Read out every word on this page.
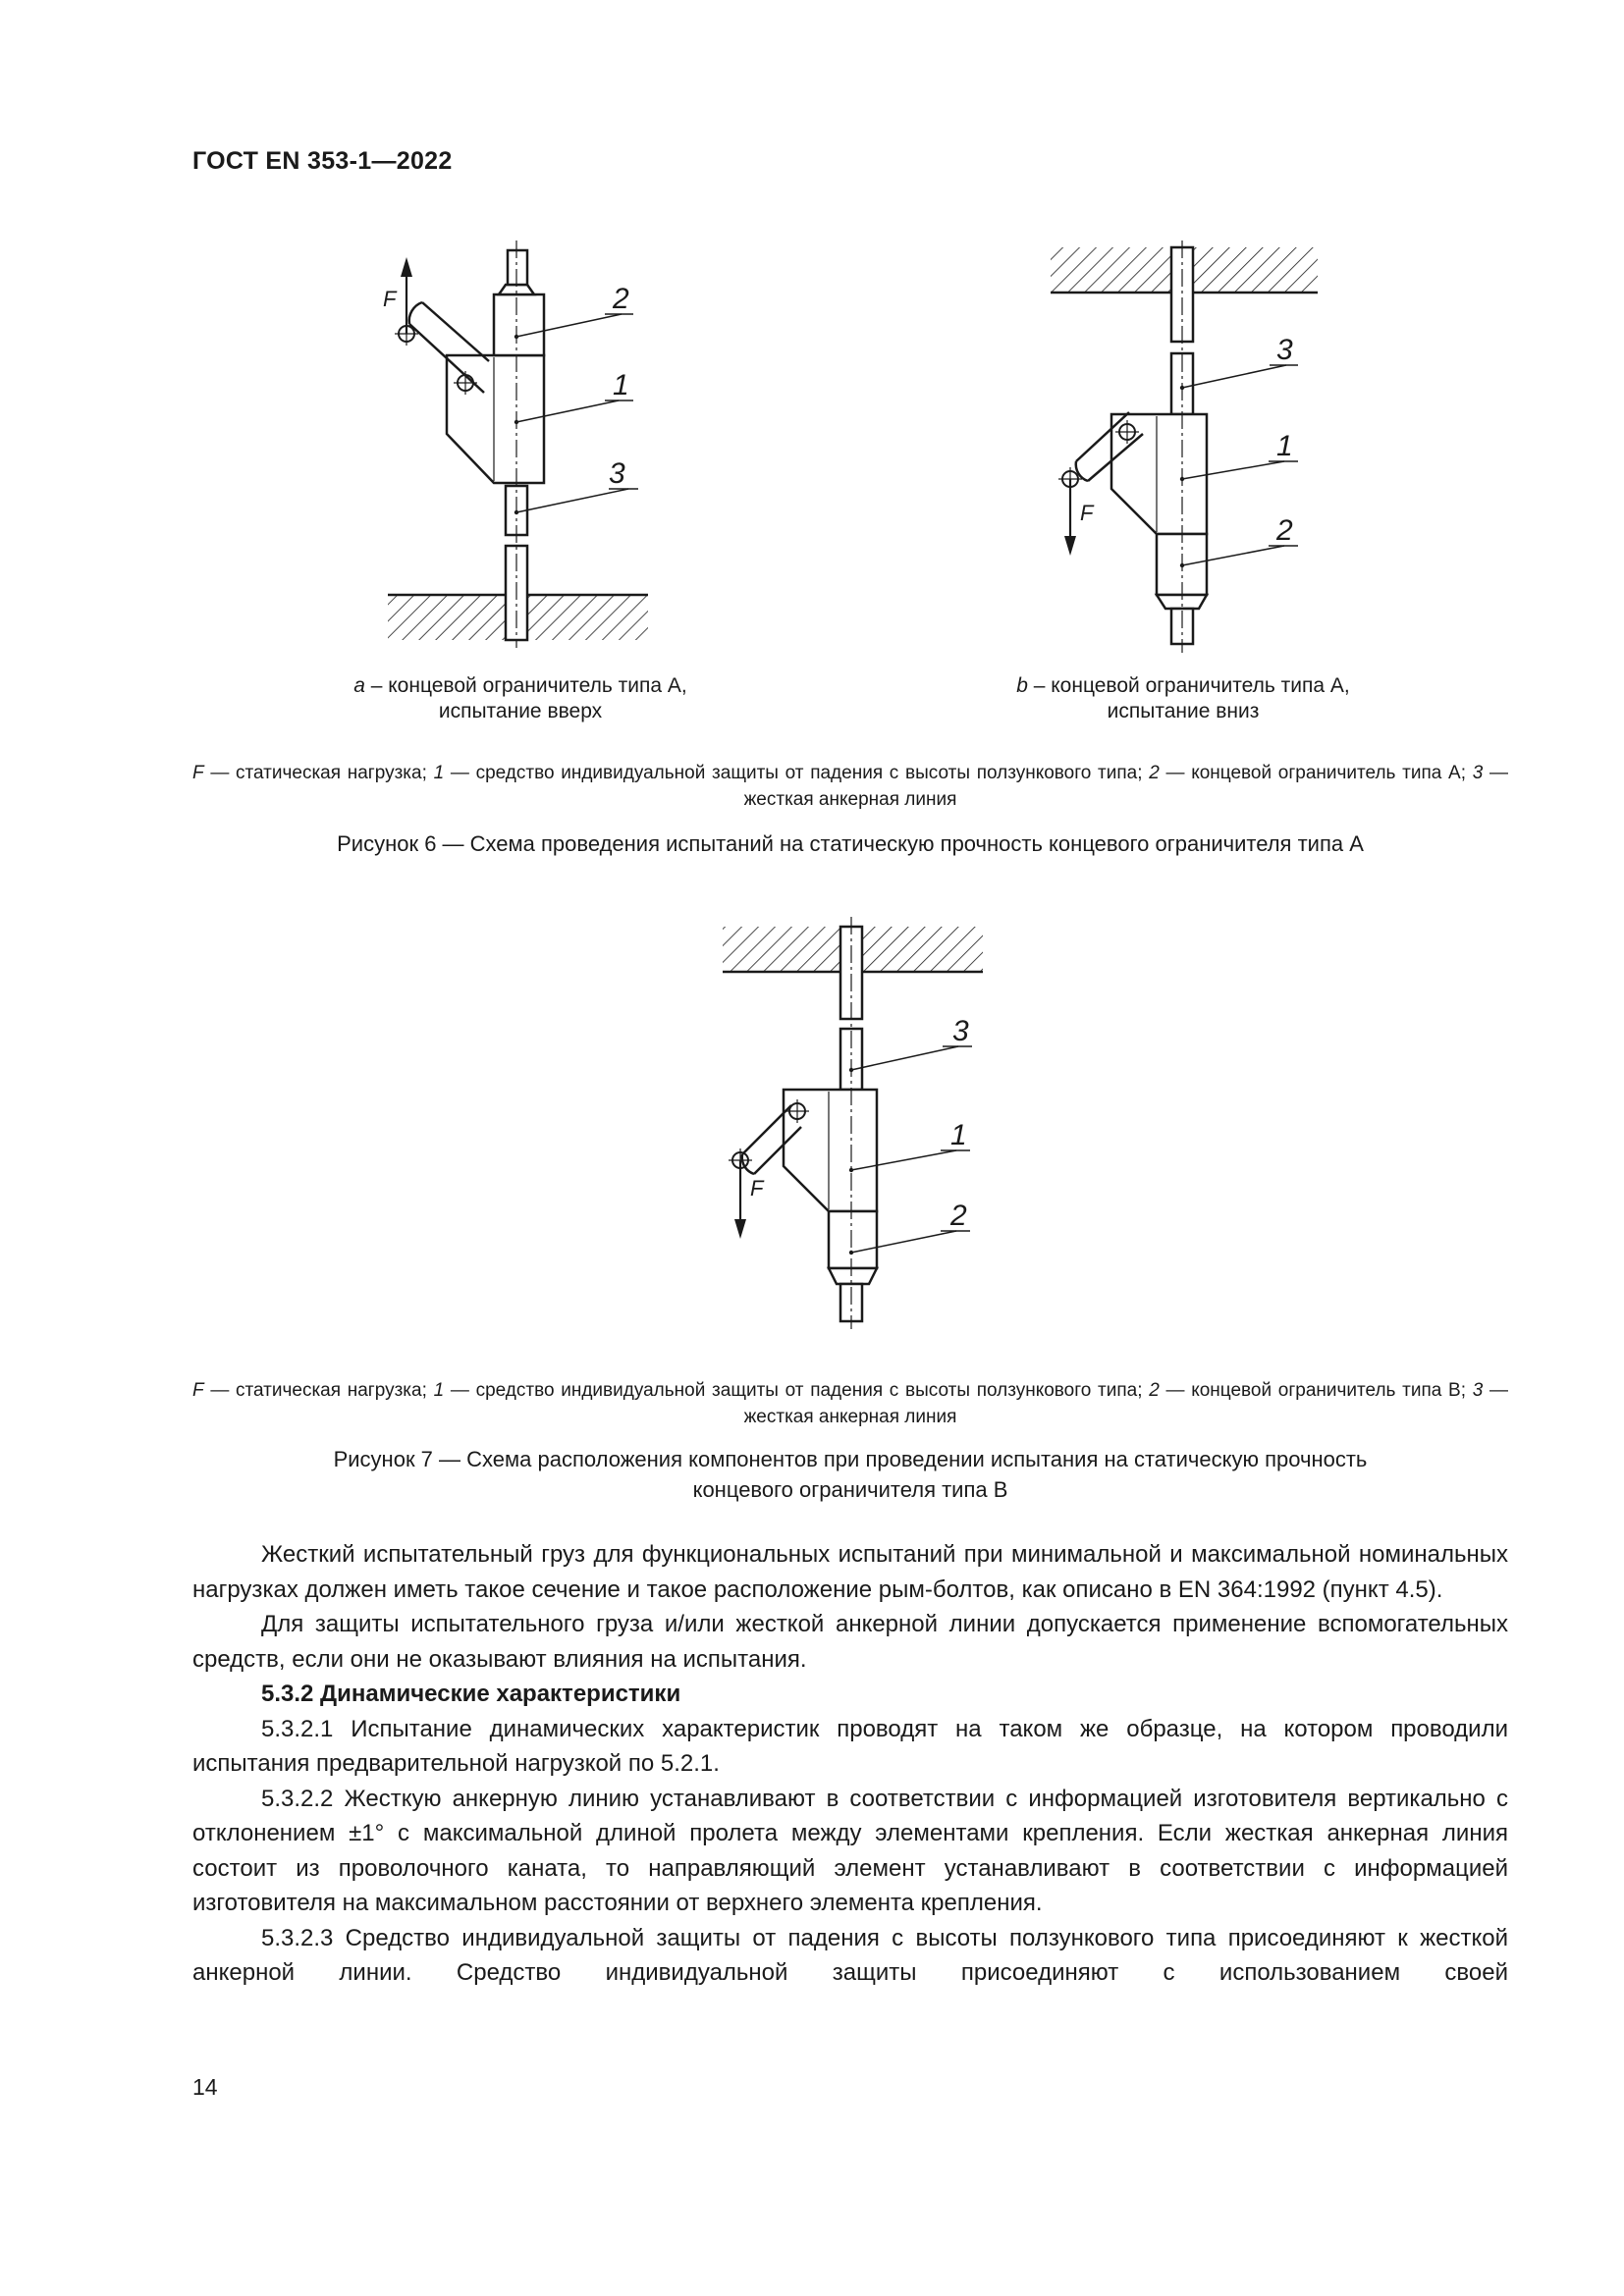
ГОСТ EN 353-1—2022
F	2
1
3
F
3
1
2
a – концевой ограничитель типа А,
испытание вверх
b – концевой ограничитель типа А,
испытание вниз
F — статическая нагрузка; 1 — средство индивидуальной защиты от падения с высоты ползункового типа; 2 — концевой ограничитель типа А; 3 — жесткая анкерная линия
Рисунок 6 — Схема проведения испытаний на статическую прочность концевого ограничителя типа А
F
3
1
2
F — статическая нагрузка; 1 — средство индивидуальной защиты от падения с высоты ползункового типа; 2 — концевой ограничитель типа В; 3 — жесткая анкерная линия
Рисунок 7 — Схема расположения компонентов при проведении испытания на статическую прочность
концевого ограничителя типа В

Жесткий испытательный груз для функциональных испытаний при минимальной и максимальной номинальных нагрузках должен иметь такое сечение и такое расположение рым-болтов, как описано в EN 364:1992 (пункт 4.5).

Для защиты испытательного груза и/или жесткой анкерной линии допускается применение вспомогательных средств, если они не оказывают влияния на испытания.

5.3.2 Динамические характеристики

5.3.2.1 Испытание динамических характеристик проводят на таком же образце, на котором проводили испытания предварительной нагрузкой по 5.2.1.

5.3.2.2 Жесткую анкерную линию устанавливают в соответствии с информацией изготовителя вертикально с отклонением ±1° с максимальной длиной пролета между элементами крепления. Если жесткая анкерная линия состоит из проволочного каната, то направляющий элемент устанавливают в соответствии с информацией изготовителя на максимальном расстоянии от верхнего элемента крепления.

5.3.2.3 Средство индивидуальной защиты от падения с высоты ползункового типа присоединяют к жесткой анкерной линии. Средство индивидуальной защиты присоединяют с использованием своей

14
